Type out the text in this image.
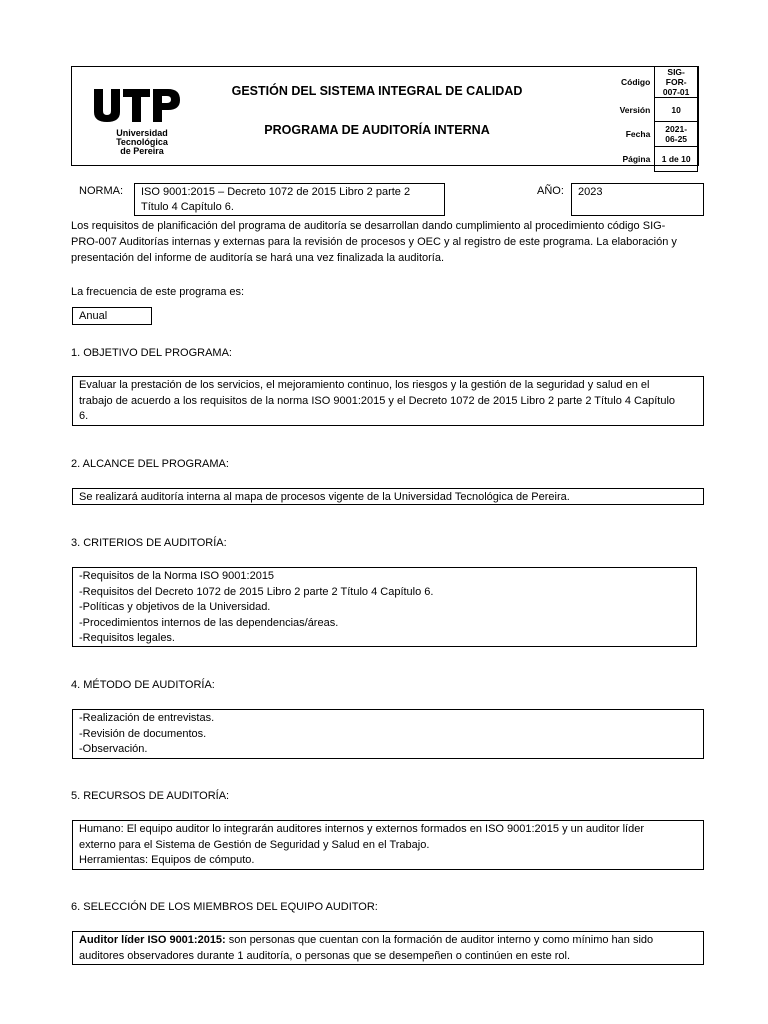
Universidad Tecnológica
de Pereira
GESTIÓN DEL SISTEMA INTEGRAL DE CALIDAD
PROGRAMA DE AUDITORÍA INTERNA
Código	SIG-FOR-007-01
Versión	10
Fecha	2021-06-25
Página	1 de 10
NORMA: ISO 9001:2015 – Decreto 1072 de 2015 Libro 2 parte 2
Título 4 Capítulo 6.
AÑO: 2023
Los requisitos de planificación del programa de auditoría se desarrollan dando cumplimiento al procedimiento código SIG-
PRO-007 Auditorías internas y externas para la revisión de procesos y OEC y al registro de este programa. La elaboración y
presentación del informe de auditoría se hará una vez finalizada la auditoría.
La frecuencia de este programa es:
Anual
1. OBJETIVO DEL PROGRAMA:
Evaluar la prestación de los servicios, el mejoramiento continuo, los riesgos y la gestión de la seguridad y salud en el
trabajo de acuerdo a los requisitos de la norma ISO 9001:2015 y el Decreto 1072 de 2015 Libro 2 parte 2 Título 4 Capítulo
6.
2. ALCANCE DEL PROGRAMA:
Se realizará auditoría interna al mapa de procesos vigente de la Universidad Tecnológica de Pereira.
3. CRITERIOS DE AUDITORÍA:
-Requisitos de la Norma ISO 9001:2015
-Requisitos del Decreto 1072 de 2015 Libro 2 parte 2 Título 4 Capítulo 6.
-Políticas y objetivos de la Universidad.
-Procedimientos internos de las dependencias/áreas.
-Requisitos legales.
4. MÉTODO DE AUDITORÍA:
-Realización de entrevistas.
-Revisión de documentos.
-Observación.
5. RECURSOS DE AUDITORÍA:
Humano: El equipo auditor lo integrarán auditores internos y externos formados en ISO 9001:2015 y un auditor líder
externo para el Sistema de Gestión de Seguridad y Salud en el Trabajo.
Herramientas: Equipos de cómputo.
6. SELECCIÓN DE LOS MIEMBROS DEL EQUIPO AUDITOR:
Auditor líder ISO 9001:2015: son personas que cuentan con la formación de auditor interno y como mínimo han sido
auditores observadores durante 1 auditoría, o personas que se desempeñen o continúen en este rol.
